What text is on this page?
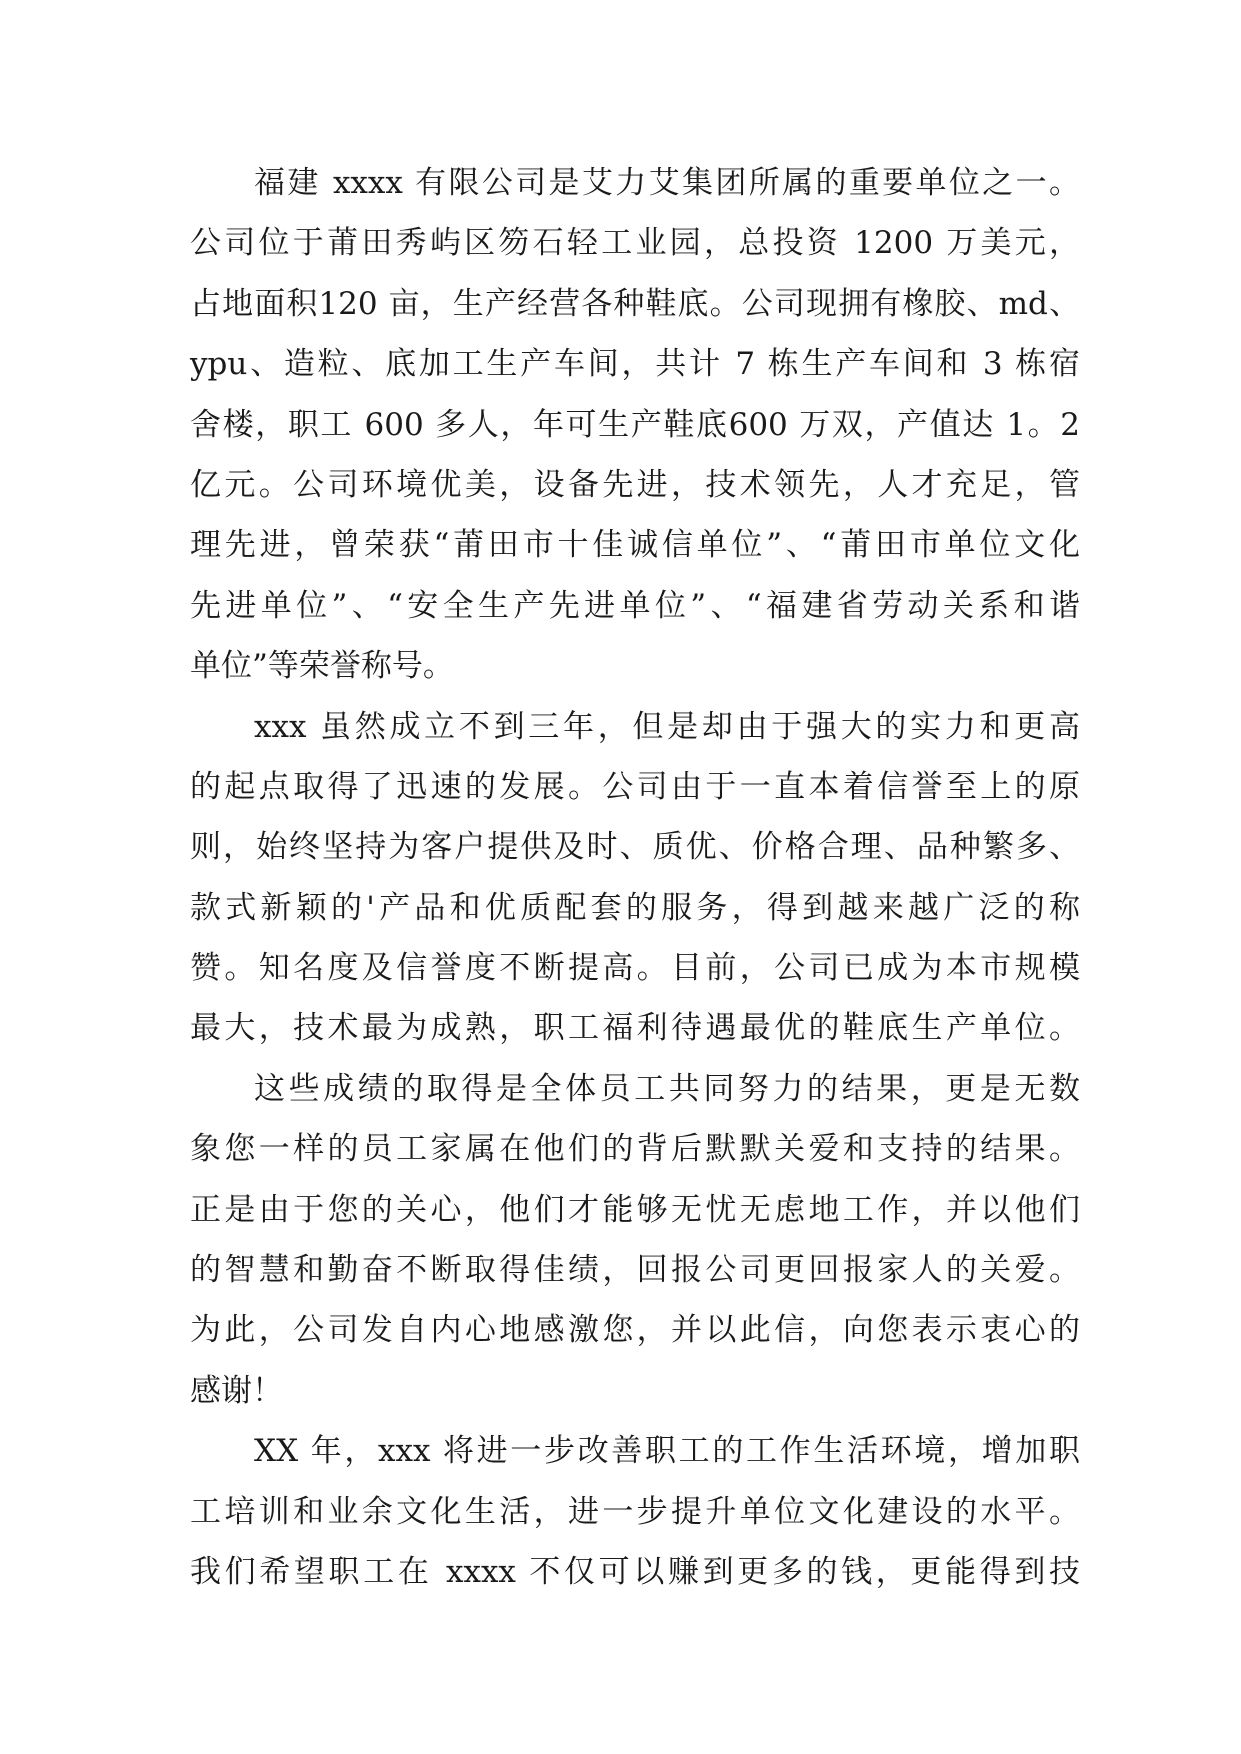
福建 xxxx 有限公司是艾力艾集团所属的重要单位之一。
公司位于莆田秀屿区笏石轻工业园，总投资 1200 万美元，
占地面积120 亩，生产经营各种鞋底。公司现拥有橡胶、md、
ypu、造粒、底加工生产车间，共计 7 栋生产车间和 3 栋宿
舍楼，职工 600 多人，年可生产鞋底600 万双，产值达 1。2
亿元。公司环境优美，设备先进，技术领先，人才充足，管
理先进，曾荣获“莆田市十佳诚信单位”、“莆田市单位文化
先进单位”、“安全生产先进单位”、“福建省劳动关系和谐
单位”等荣誉称号。
xxx 虽然成立不到三年，但是却由于强大的实力和更高
的起点取得了迅速的发展。公司由于一直本着信誉至上的原
则，始终坚持为客户提供及时、质优、价格合理、品种繁多、
款式新颖的'产品和优质配套的服务，得到越来越广泛的称
赞。知名度及信誉度不断提高。目前，公司已成为本市规模
最大，技术最为成熟，职工福利待遇最优的鞋底生产单位。
这些成绩的取得是全体员工共同努力的结果，更是无数
象您一样的员工家属在他们的背后默默关爱和支持的结果。
正是由于您的关心，他们才能够无忧无虑地工作，并以他们
的智慧和勤奋不断取得佳绩，回报公司更回报家人的关爱。
为此，公司发自内心地感激您，并以此信，向您表示衷心的
感谢！
XX 年，xxx 将进一步改善职工的工作生活环境，增加职
工培训和业余文化生活，进一步提升单位文化建设的水平。
我们希望职工在 xxxx 不仅可以赚到更多的钱，更能得到技
